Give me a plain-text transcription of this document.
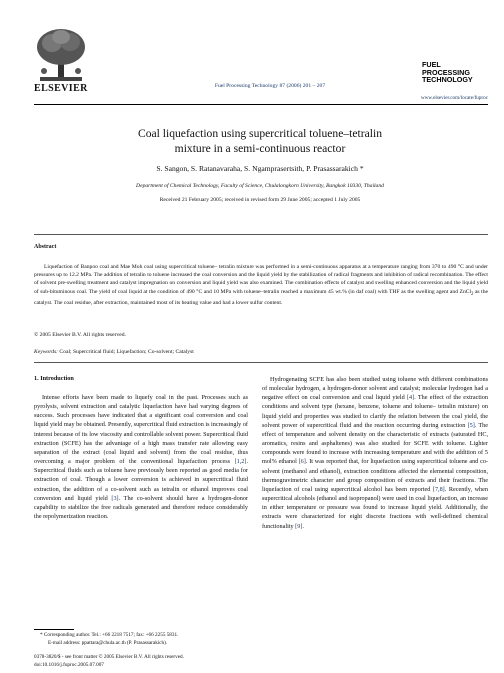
ELSEVIER	Fuel Processing Technology 87 (2006) 201 – 207
FUEL
PROCESSING
TECHNOLOGY
www.elsevier.com/locate/fuproc
Coal liquefaction using supercritical toluene–tetralin
mixture in a semi-continuous reactor
S. Sangon, S. Ratanavaraha, S. Ngamprasertsith, P. Prasassarakich *
Department of Chemical Technology, Faculty of Science, Chulalongkorn University, Bangkok 10330, Thailand
Received 21 February 2005; received in revised form 29 June 2005; accepted 1 July 2005
Abstract
Liquefaction of Banpoo coal and Mae Moh coal using supercritical toluene– tetralin mixture was performed in a semi-continuous apparatus at a temperature ranging from 370 to 490 °C and under pressures up to 12.2 MPa. The addition of tetralin to toluene increased the coal conversion and the liquid yield by the stabilization of radical fragments and inhibition of radical recombination. The effect of solvent pre-swelling treatment and catalyst impregnation on conversion and liquid yield was also examined. The combination effects of catalyst and swelling enhanced conversion and the liquid yield of sub-bituminous coal. The yield of coal liquid at the condition of 490 °C and 10 MPa with toluene–tetralin reached a maximum 45 wt.% (in daf coal) with THF as the swelling agent and ZnCl$_2$ as the catalyst. The coal residue, after extraction, maintained most of its heating value and had a lower sulfur content.
© 2005 Elsevier B.V. All rights reserved.
Keywords: Coal; Supercritical fluid; Liquefaction; Co-solvent; Catalyst
1. Introduction
Intense efforts have been made to liquefy coal in the past. Processes such as pyrolysis, solvent extraction and catalytic liquefaction have had varying degrees of success. Such processes have indicated that a significant coal conversion and coal liquid yield may be obtained. Presently, supercritical fluid extraction is increasingly of interest because of its low viscosity and controllable solvent power. Supercritical fluid extraction (SCFE) has the advantage of a high mass transfer rate allowing easy separation of the extract (coal liquid and solvent) from the coal residue, thus overcoming a major problem of the conventional liquefaction process [1,2]. Supercritical fluids such as toluene have previously been reported as good media for extraction of coal. Though a lower conversion is achieved in supercritical fluid extraction, the addition of a co-solvent such as tetralin or ethanol improves coal conversion and liquid yield [3]. The co-solvent should have a hydrogen-donor capability to stabilize the free radicals generated and therefore reduce considerably the repolymerization reaction.
Hydrogenating SCFE has also been studied using toluene with different combinations of molecular hydrogen, a hydrogen-donor solvent and catalyst; molecular hydrogen had a negative effect on coal conversion and coal liquid yield [4]. The effect of the extraction conditions and solvent type (hexane, benzene, toluene and toluene– tetralin mixture) on liquid yield and properties was studied to clarify the relation between the coal yield, the solvent power of supercritical fluid and the reaction occurring during extraction [5]. The effect of temperature and solvent density on the characteristic of extracts (saturated HC, aromatics, resins and asphaltenes) was also studied for SCFE with toluene. Lighter compounds were found to increase with increasing temperature and with the addition of 5 mol% ethanol [6]. It was reported that, for liquefaction using supercritical toluene and co-solvent (methanol and ethanol), extraction conditions affected the elemental composition, thermogravimetric character and group composition of extracts and their fractions. The liquefaction of coal using supercritical alcohol has been reported [7,8]. Recently, when supercritical alcohols (ethanol and isopropanol) were used in coal liquefaction, an increase in either temperature or pressure was found to increase liquid yield. Additionally, the extracts were characterized for eight discrete fractions with well-defined chemical functionality [9].
* Corresponding author. Tel.: +66 2218 7517; fax: +66 2255 5831.
E-mail address: ppattara@chula.ac.th (P. Prasassarakich).
0378-3820/$ - see front matter © 2005 Elsevier B.V. All rights reserved.
doi:10.1016/j.fuproc.2005.07.007
